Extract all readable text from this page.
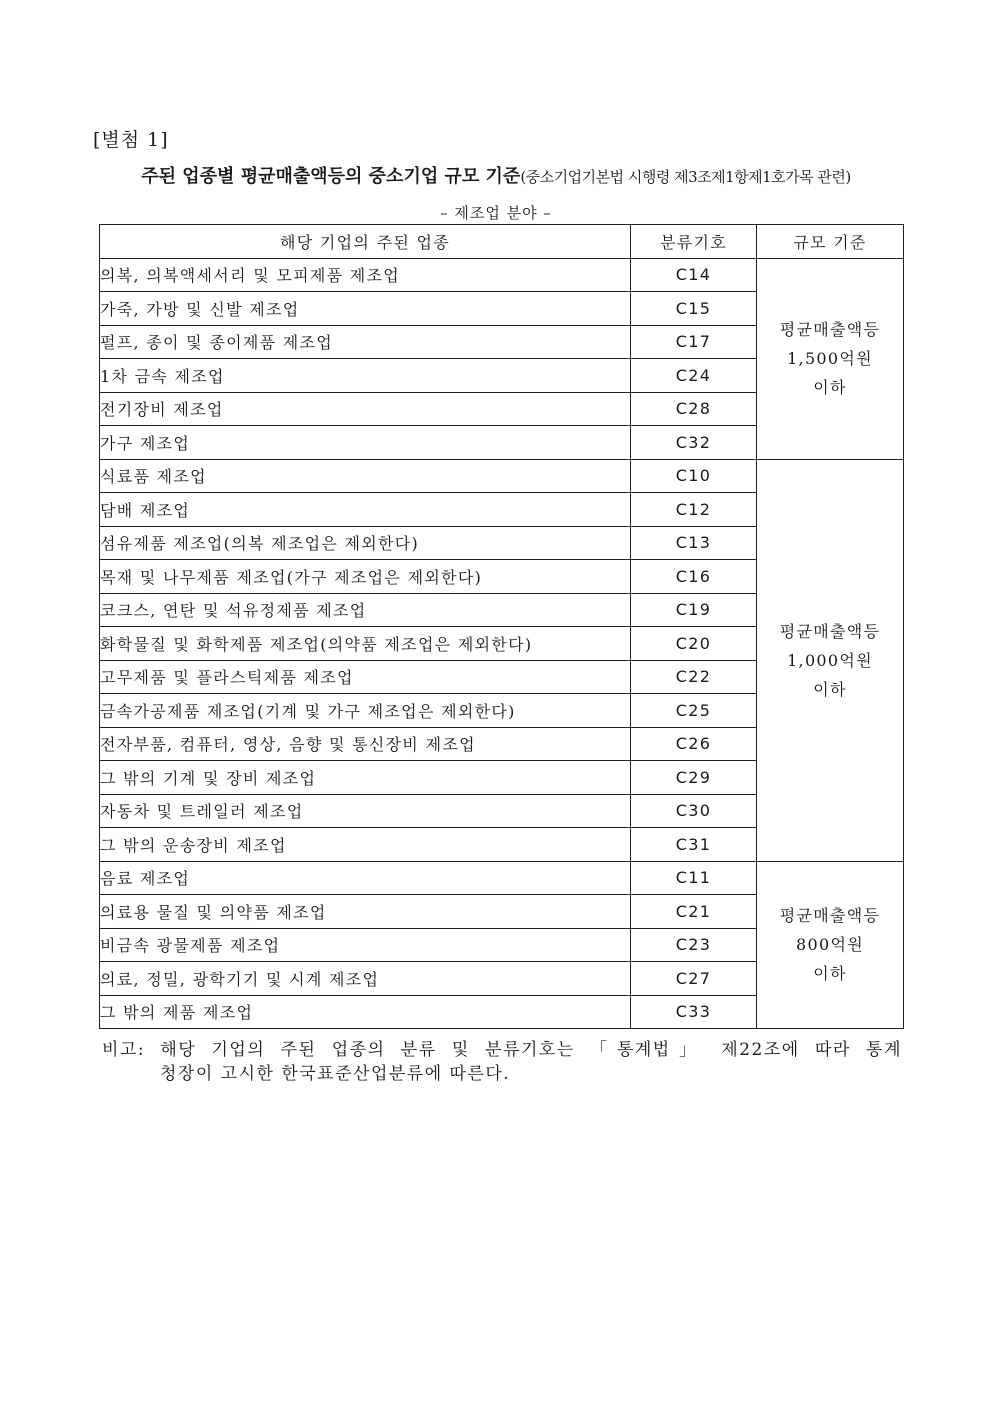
[별첨 1]
주된 업종별 평균매출액등의 중소기업 규모 기준(중소기업기본법 시행령 제3조제1항제1호가목 관련)
– 제조업 분야 –
해당 기업의 주된 업종	분류기호	규모 기준
의복, 의복액세서리 및 모피제품 제조업	C14	평균매출액등
1,500억원
이하

가죽, 가방 및 신발 제조업	C15	
펄프, 종이 및 종이제품 제조업	C17	
1차 금속 제조업	C24	
전기장비 제조업	C28	
가구 제조업	C32	
식료품 제조업	C10	평균매출액등
1,000억원
이하

담배 제조업	C12	
섬유제품 제조업(의복 제조업은 제외한다)	C13	
목재 및 나무제품 제조업(가구 제조업은 제외한다)	C16	
코크스, 연탄 및 석유정제품 제조업	C19	
화학물질 및 화학제품 제조업(의약품 제조업은 제외한다)	C20	
고무제품 및 플라스틱제품 제조업	C22	
금속가공제품 제조업(기계 및 가구 제조업은 제외한다)	C25	
전자부품, 컴퓨터, 영상, 음향 및 통신장비 제조업	C26	
그 밖의 기계 및 장비 제조업	C29	
자동차 및 트레일러 제조업	C30	
그 밖의 운송장비 제조업	C31	
음료 제조업	C11	평균매출액등
800억원
이하

의료용 물질 및 의약품 제조업	C21	
비금속 광물제품 제조업	C23	
의료, 정밀, 광학기기 및 시계 제조업	C27	
그 밖의 제품 제조업	C33	
비고: 해당 기업의 주된 업종의 분류 및 분류기호는 「통계법」 제22조에 따라 통계
청장이 고시한 한국표준산업분류에 따른다.
